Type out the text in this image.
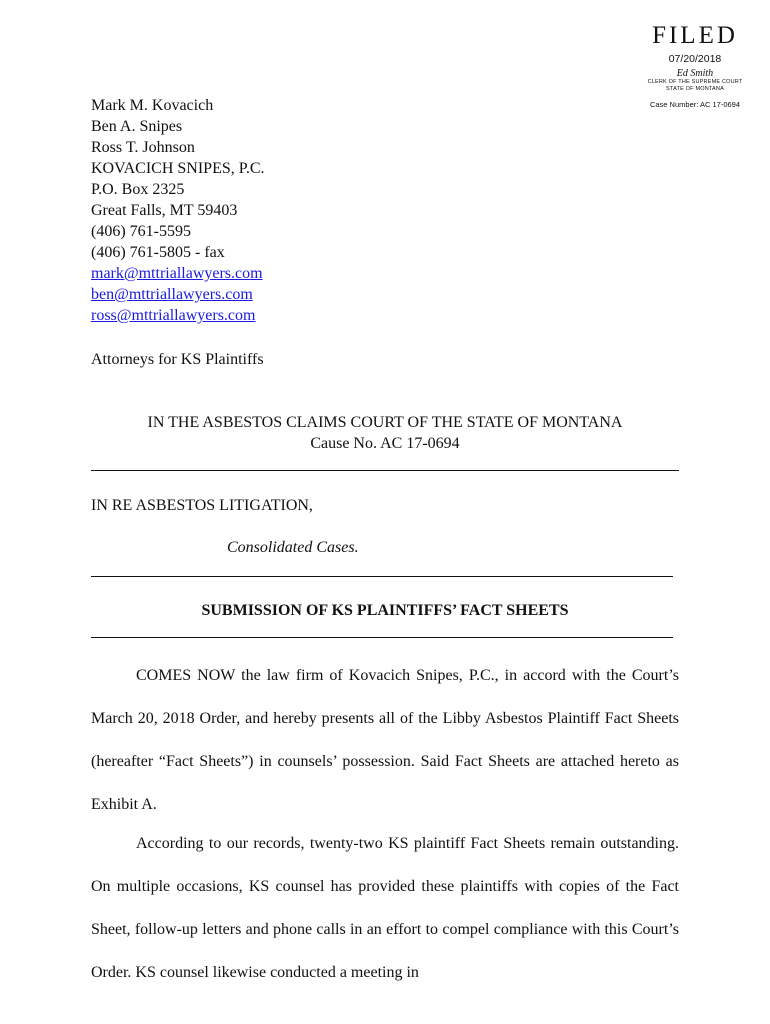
FILED
07/20/2018
Ed Smith
CLERK OF THE SUPREME COURT
STATE OF MONTANA
Case Number: AC 17-0694
Mark M. Kovacich
Ben A. Snipes
Ross T. Johnson
KOVACICH SNIPES, P.C.
P.O. Box 2325
Great Falls, MT 59403
(406) 761-5595
(406) 761-5805 - fax
mark@mttriallawyers.com
ben@mttriallawyers.com
ross@mttriallawyers.com
Attorneys for KS Plaintiffs
IN THE ASBESTOS CLAIMS COURT OF THE STATE OF MONTANA
Cause No. AC 17-0694
IN RE ASBESTOS LITIGATION,
Consolidated Cases.
SUBMISSION OF KS PLAINTIFFS’ FACT SHEETS

COMES NOW the law firm of Kovacich Snipes, P.C., in accord with the Court’s March 20, 2018 Order, and hereby presents all of the Libby Asbestos Plaintiff Fact Sheets (hereafter “Fact Sheets”) in counsels’ possession. Said Fact Sheets are attached hereto as Exhibit A.

According to our records, twenty-two KS plaintiff Fact Sheets remain outstanding. On multiple occasions, KS counsel has provided these plaintiffs with copies of the Fact Sheet, follow-up letters and phone calls in an effort to compel compliance with this Court’s Order. KS counsel likewise conducted a meeting in
